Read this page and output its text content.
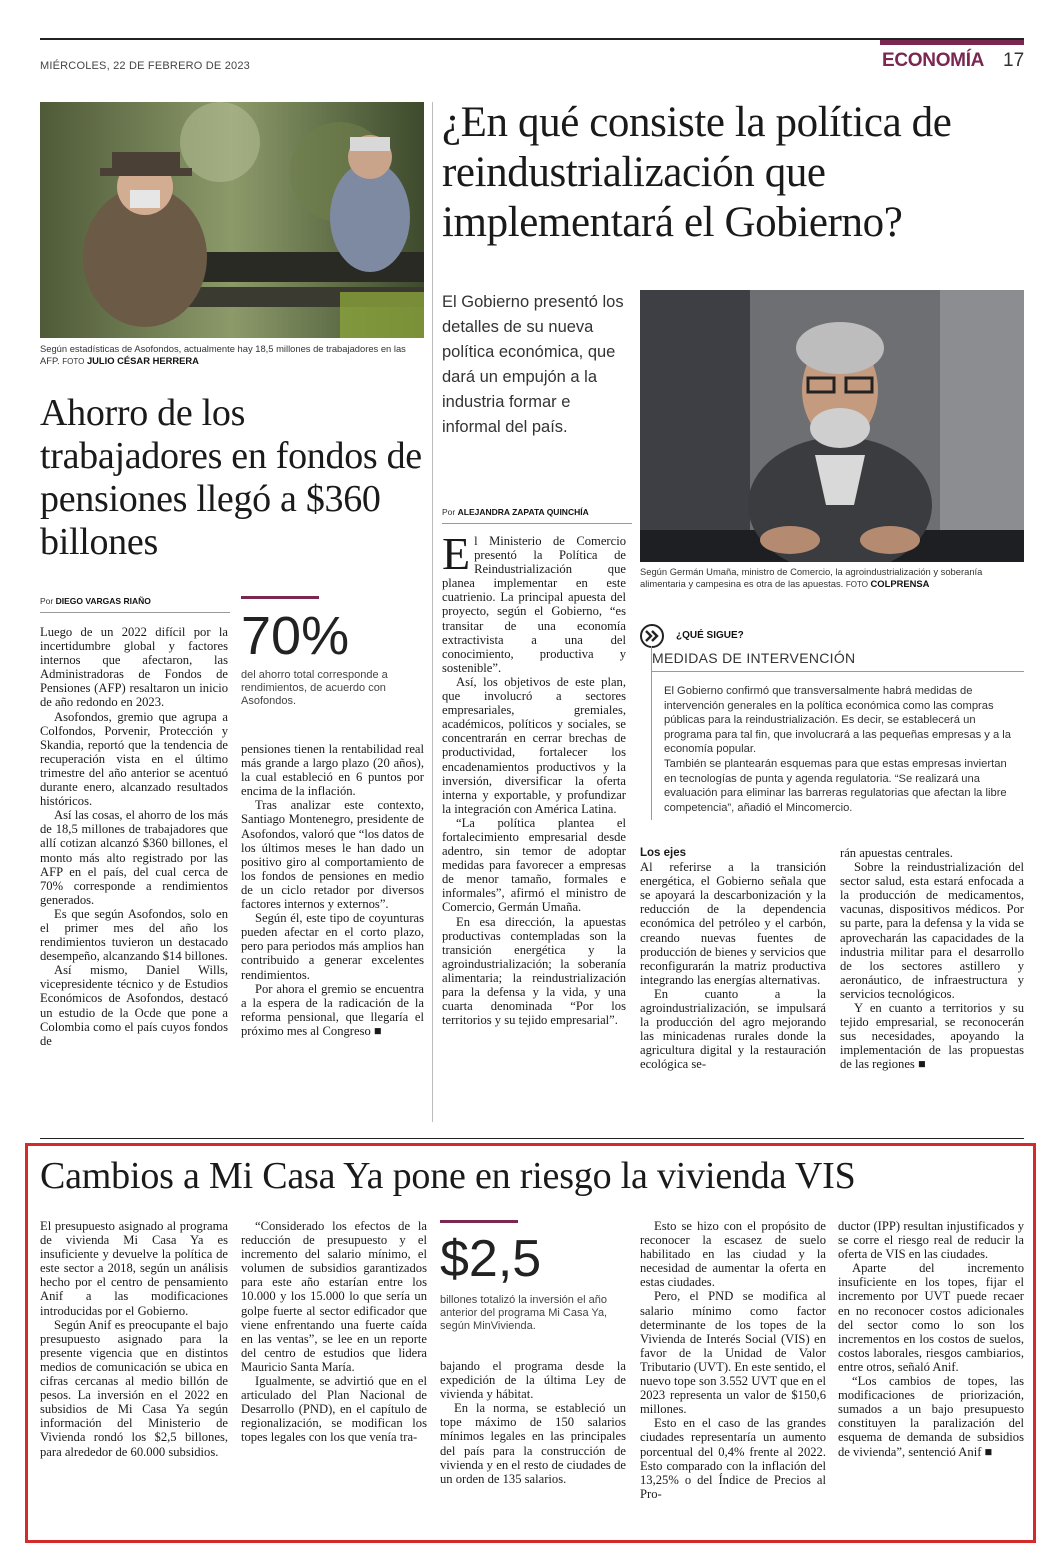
MIÉRCOLES, 22 DE FEBRERO DE 2023	ECONOMÍA 17
Según estadísticas de Asofondos, actualmente hay 18,5 millones de trabajadores en las AFP. FOTO JULIO CÉSAR HERRERA
Ahorro de los trabajadores en fondos de pensiones llegó a $360 billones
Por DIEGO VARGAS RIAÑO
70%
del ahorro total corresponde a rendimientos, de acuerdo con Asofondos.

Luego de un 2022 difícil por la incertidumbre global y factores internos que afectaron, las Administradoras de Fondos de Pensiones (AFP) resaltaron un inicio de año redondo en 2023.

Asofondos, gremio que agrupa a Colfondos, Porvenir, Protección y Skandia, reportó que la tendencia de recuperación vista en el último trimestre del año anterior se acentuó durante enero, alcanzado resultados históricos.

Así las cosas, el ahorro de los más de 18,5 millones de trabajadores que allí cotizan alcanzó $360 billones, el monto más alto registrado por las AFP en el país, del cual cerca de 70% corresponde a rendimientos generados.

Es que según Asofondos, solo en el primer mes del año los rendimientos tuvieron un destacado desempeño, alcanzando $14 billones.

Así mismo, Daniel Wills, vicepresidente técnico y de Estudios Económicos de Asofondos, destacó un estudio de la Ocde que pone a Colombia como el país cuyos fondos de

pensiones tienen la rentabilidad real más grande a largo plazo (20 años), la cual estableció en 6 puntos por encima de la inflación.

Tras analizar este contexto, Santiago Montenegro, presidente de Asofondos, valoró que “los datos de los últimos meses le han dado un positivo giro al comportamiento de los fondos de pensiones en medio de un ciclo retador por diversos factores internos y externos”.

Según él, este tipo de coyunturas pueden afectar en el corto plazo, pero para periodos más amplios han contribuido a generar excelentes rendimientos.

Por ahora el gremio se encuentra a la espera de la radicación de la reforma pensional, que llegaría el próximo mes al Congreso ■

¿En qué consiste la política de reindustrialización que implementará el Gobierno?
El Gobierno presentó los detalles de su nueva política económica, que dará un empujón a la industria formar e informal del país.
Por ALEJANDRA ZAPATA QUINCHÍA
Según Germán Umaña, ministro de Comercio, la agroindustrialización y soberanía alimentaria y campesina es otra de las apuestas. FOTO COLPRENSA
¿QUÉ SIGUE?
MEDIDAS DE INTERVENCIÓN
El Gobierno confirmó que transversalmente habrá medidas de intervención generales en la política económica como las compras públicas para la reindustrialización. Es decir, se establecerá un programa para tal fin, que involucrará a las pequeñas empresas y a la economía popular.
También se plantearán esquemas para que estas empresas inviertan en tecnologías de punta y agenda regulatoria. “Se realizará una evaluación para eliminar las barreras regulatorias que afectan la libre competencia”, añadió el Mincomercio.
E l Ministerio de Comercio presentó la Política de Reindustrialización que planea implementar en este cuatrienio. La principal apuesta del proyecto, según el Gobierno, “es transitar de una economía extractivista a una del conocimiento, productiva y sostenible”.

Así, los objetivos de este plan, que involucró a sectores empresariales, gremiales, académicos, políticos y sociales, se concentrarán en cerrar brechas de productividad, fortalecer los encadenamientos productivos y la inversión, diversificar la oferta interna y exportable, y profundizar la integración con América Latina.

“La política plantea el fortalecimiento empresarial desde adentro, sin temor de adoptar medidas para favorecer a empresas de menor tamaño, formales e informales”, afirmó el ministro de Comercio, Germán Umaña.

En esa dirección, la apuestas productivas contempladas son la transición energética y la agroindustrialización; la soberanía alimentaria; la reindustrialización para la defensa y la vida, y una cuarta denominada “Por los territorios y su tejido empresarial”.

Los ejes

Al referirse a la transición energética, el Gobierno señala que se apoyará la descarbonización y la reducción de la dependencia económica del petróleo y el carbón, creando nuevas fuentes de producción de bienes y servicios que reconfigurarán la matriz productiva integrando las energías alternativas.

En cuanto a la agroindustrialización, se impulsará la producción del agro mejorando las minicadenas rurales donde la agricultura digital y la restauración ecológica se-

rán apuestas centrales.

Sobre la reindustrialización del sector salud, esta estará enfocada a la producción de medicamentos, vacunas, dispositivos médicos. Por su parte, para la defensa y la vida se aprovecharán las capacidades de la industria militar para el desarrollo de los sectores astillero y aeronáutico, de infraestructura y servicios tecnológicos.

Y en cuanto a territorios y su tejido empresarial, se reconocerán sus necesidades, apoyando la implementación de las propuestas de las regiones ■

Cambios a Mi Casa Ya pone en riesgo la vivienda VIS
$2,5
billones totalizó la inversión el año anterior del programa Mi Casa Ya, según MinVivienda.

El presupuesto asignado al programa de vivienda Mi Casa Ya es insuficiente y devuelve la política de este sector a 2018, según un análisis hecho por el centro de pensamiento Anif a las modificaciones introducidas por el Gobierno.

Según Anif es preocupante el bajo presupuesto asignado para la presente vigencia que en distintos medios de comunicación se ubica en cifras cercanas al medio billón de pesos. La inversión en el 2022 en subsidios de Mi Casa Ya según información del Ministerio de Vivienda rondó los $2,5 billones, para alrededor de 60.000 subsidios.

“Considerado los efectos de la reducción de presupuesto y el incremento del salario mínimo, el volumen de subsidios garantizados para este año estarían entre los 10.000 y los 15.000 lo que sería un golpe fuerte al sector edificador que viene enfrentando una fuerte caída en las ventas”, se lee en un reporte del centro de estudios que lidera Mauricio Santa María.

Igualmente, se advirtió que en el articulado del Plan Nacional de Desarrollo (PND), en el capítulo de regionalización, se modifican los topes legales con los que venía tra-

bajando el programa desde la expedición de la última Ley de vivienda y hábitat.

En la norma, se estableció un tope máximo de 150 salarios mínimos legales en las principales del país para la construcción de vivienda y en el resto de ciudades de un orden de 135 salarios.

Esto se hizo con el propósito de reconocer la escasez de suelo habilitado en las ciudad y la necesidad de aumentar la oferta en estas ciudades.

Pero, el PND se modifica al salario mínimo como factor determinante de los topes de la Vivienda de Interés Social (VIS) en favor de la Unidad de Valor Tributario (UVT). En este sentido, el nuevo tope son 3.552 UVT que en el 2023 representa un valor de $150,6 millones.

Esto en el caso de las grandes ciudades representaría un aumento porcentual del 0,4% frente al 2022. Esto comparado con la inflación del 13,25% o del Índice de Precios al Pro-

ductor (IPP) resultan injustificados y se corre el riesgo real de reducir la oferta de VIS en las ciudades.

Aparte del incremento insuficiente en los topes, fijar el incremento por UVT puede recaer en no reconocer costos adicionales del sector como lo son los incrementos en los costos de suelos, costos laborales, riesgos cambiarios, entre otros, señaló Anif.

“Los cambios de topes, las modificaciones de priorización, sumados a un bajo presupuesto constituyen la paralización del esquema de demanda de subsidios de vivienda”, sentenció Anif ■
